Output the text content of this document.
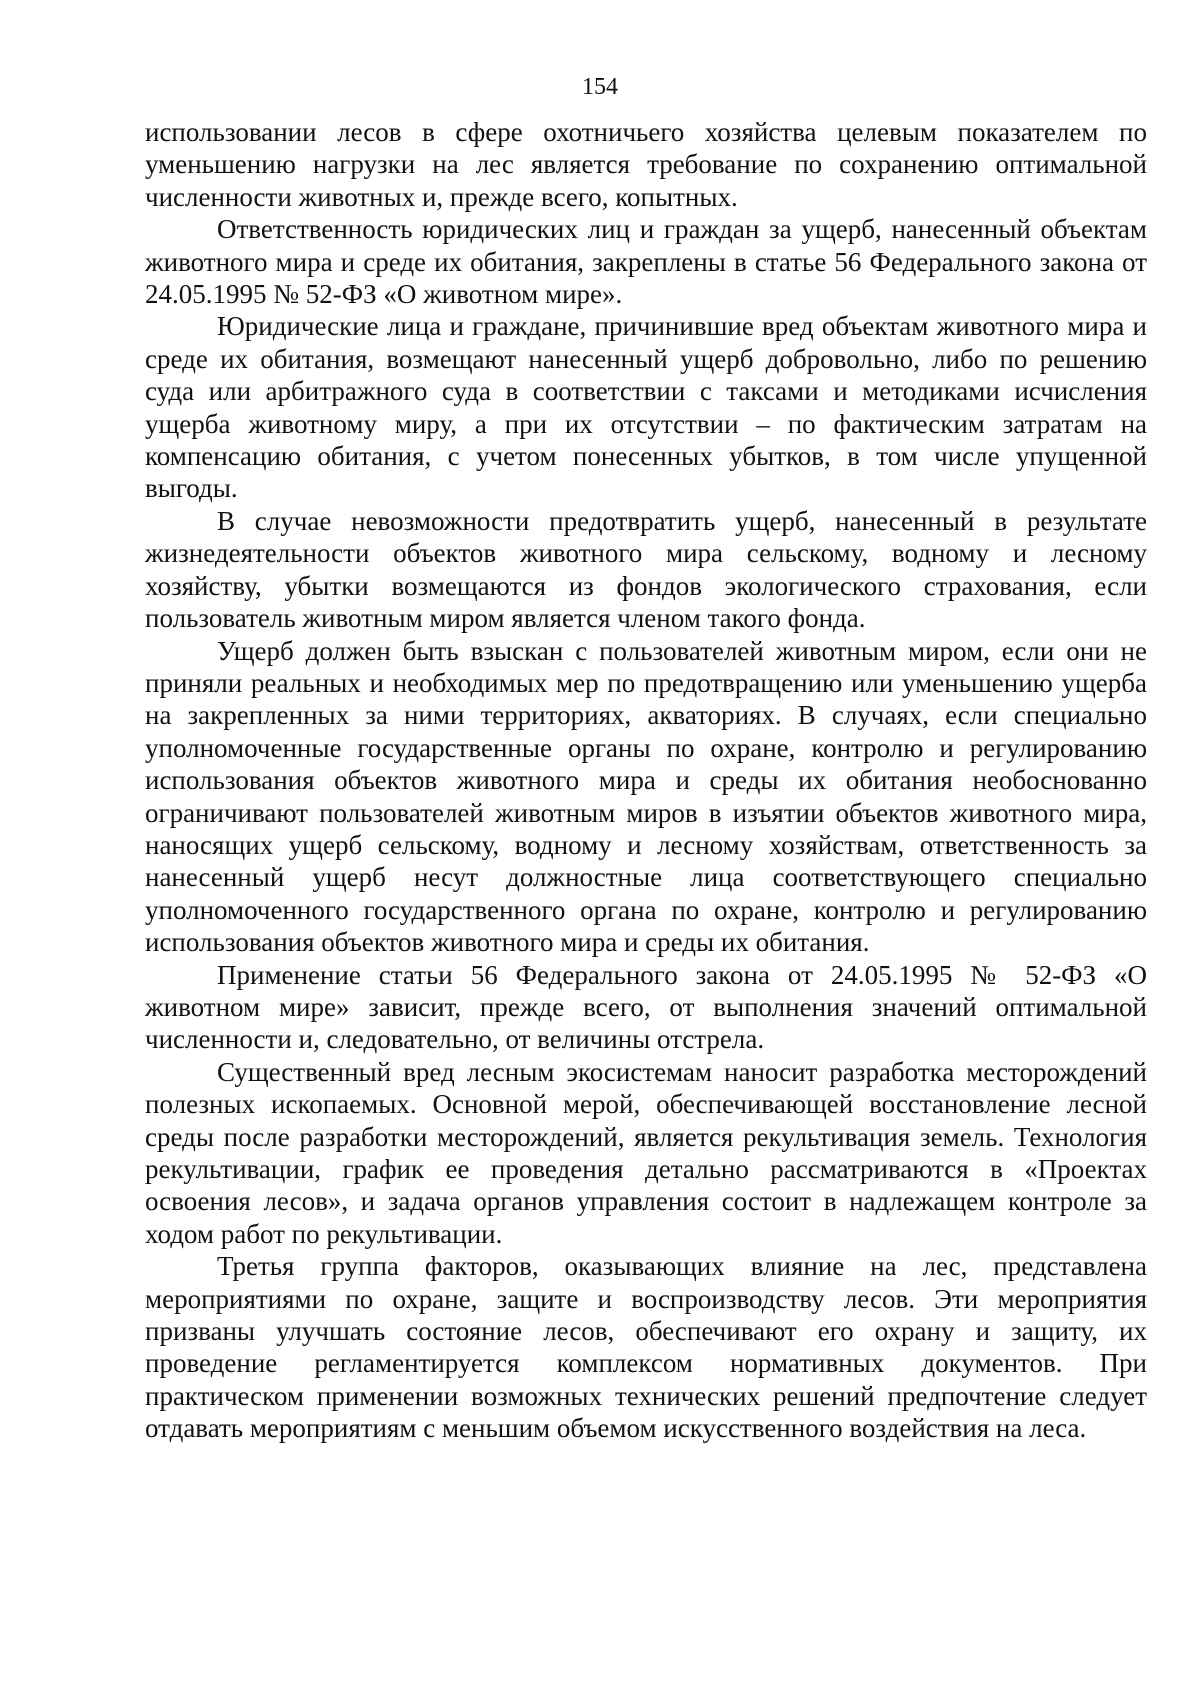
154

использовании лесов в сфере охотничьего хозяйства целевым показателем по уменьшению нагрузки на лес является требование по сохранению оптимальной численности животных и, прежде всего, копытных.

Ответственность юридических лиц и граждан за ущерб, нанесенный объектам животного мира и среде их обитания, закреплены в статье 56 Федерального закона от 24.05.1995 № 52-ФЗ «О животном мире».

Юридические лица и граждане, причинившие вред объектам животного мира и среде их обитания, возмещают нанесенный ущерб добровольно, либо по решению суда или арбитражного суда в соответствии с таксами и методиками исчисления ущерба животному миру, а при их отсутствии – по фактическим затратам на компенсацию обитания, с учетом понесенных убытков, в том числе упущенной выгоды.

В случае невозможности предотвратить ущерб, нанесенный в результате жизнедеятельности объектов животного мира сельскому, водному и лесному хозяйству, убытки возмещаются из фондов экологического страхования, если пользователь животным миром является членом такого фонда.

Ущерб должен быть взыскан с пользователей животным миром, если они не приняли реальных и необходимых мер по предотвращению или уменьшению ущерба на закрепленных за ними территориях, акваториях. В случаях, если специально уполномоченные государственные органы по охране, контролю и регулированию использования объектов животного мира и среды их обитания необоснованно ограничивают пользователей животным миров в изъятии объектов животного мира, наносящих ущерб сельскому, водному и лесному хозяйствам, ответственность за нанесенный ущерб несут должностные лица соответствующего специально уполномоченного государственного органа по охране, контролю и регулированию использования объектов животного мира и среды их обитания.

Применение статьи 56 Федерального закона от 24.05.1995 № 52-ФЗ «О животном мире» зависит, прежде всего, от выполнения значений оптимальной численности и, следовательно, от величины отстрела.

Существенный вред лесным экосистемам наносит разработка месторождений полезных ископаемых. Основной мерой, обеспечивающей восстановление лесной среды после разработки месторождений, является рекультивация земель. Технология рекультивации, график ее проведения детально рассматриваются в «Проектах освоения лесов», и задача органов управления состоит в надлежащем контроле за ходом работ по рекультивации.

Третья группа факторов, оказывающих влияние на лес, представлена мероприятиями по охране, защите и воспроизводству лесов. Эти мероприятия призваны улучшать состояние лесов, обеспечивают его охрану и защиту, их проведение регламентируется комплексом нормативных документов. При практическом применении возможных технических решений предпочтение следует отдавать мероприятиям с меньшим объемом искусственного воздействия на леса.
